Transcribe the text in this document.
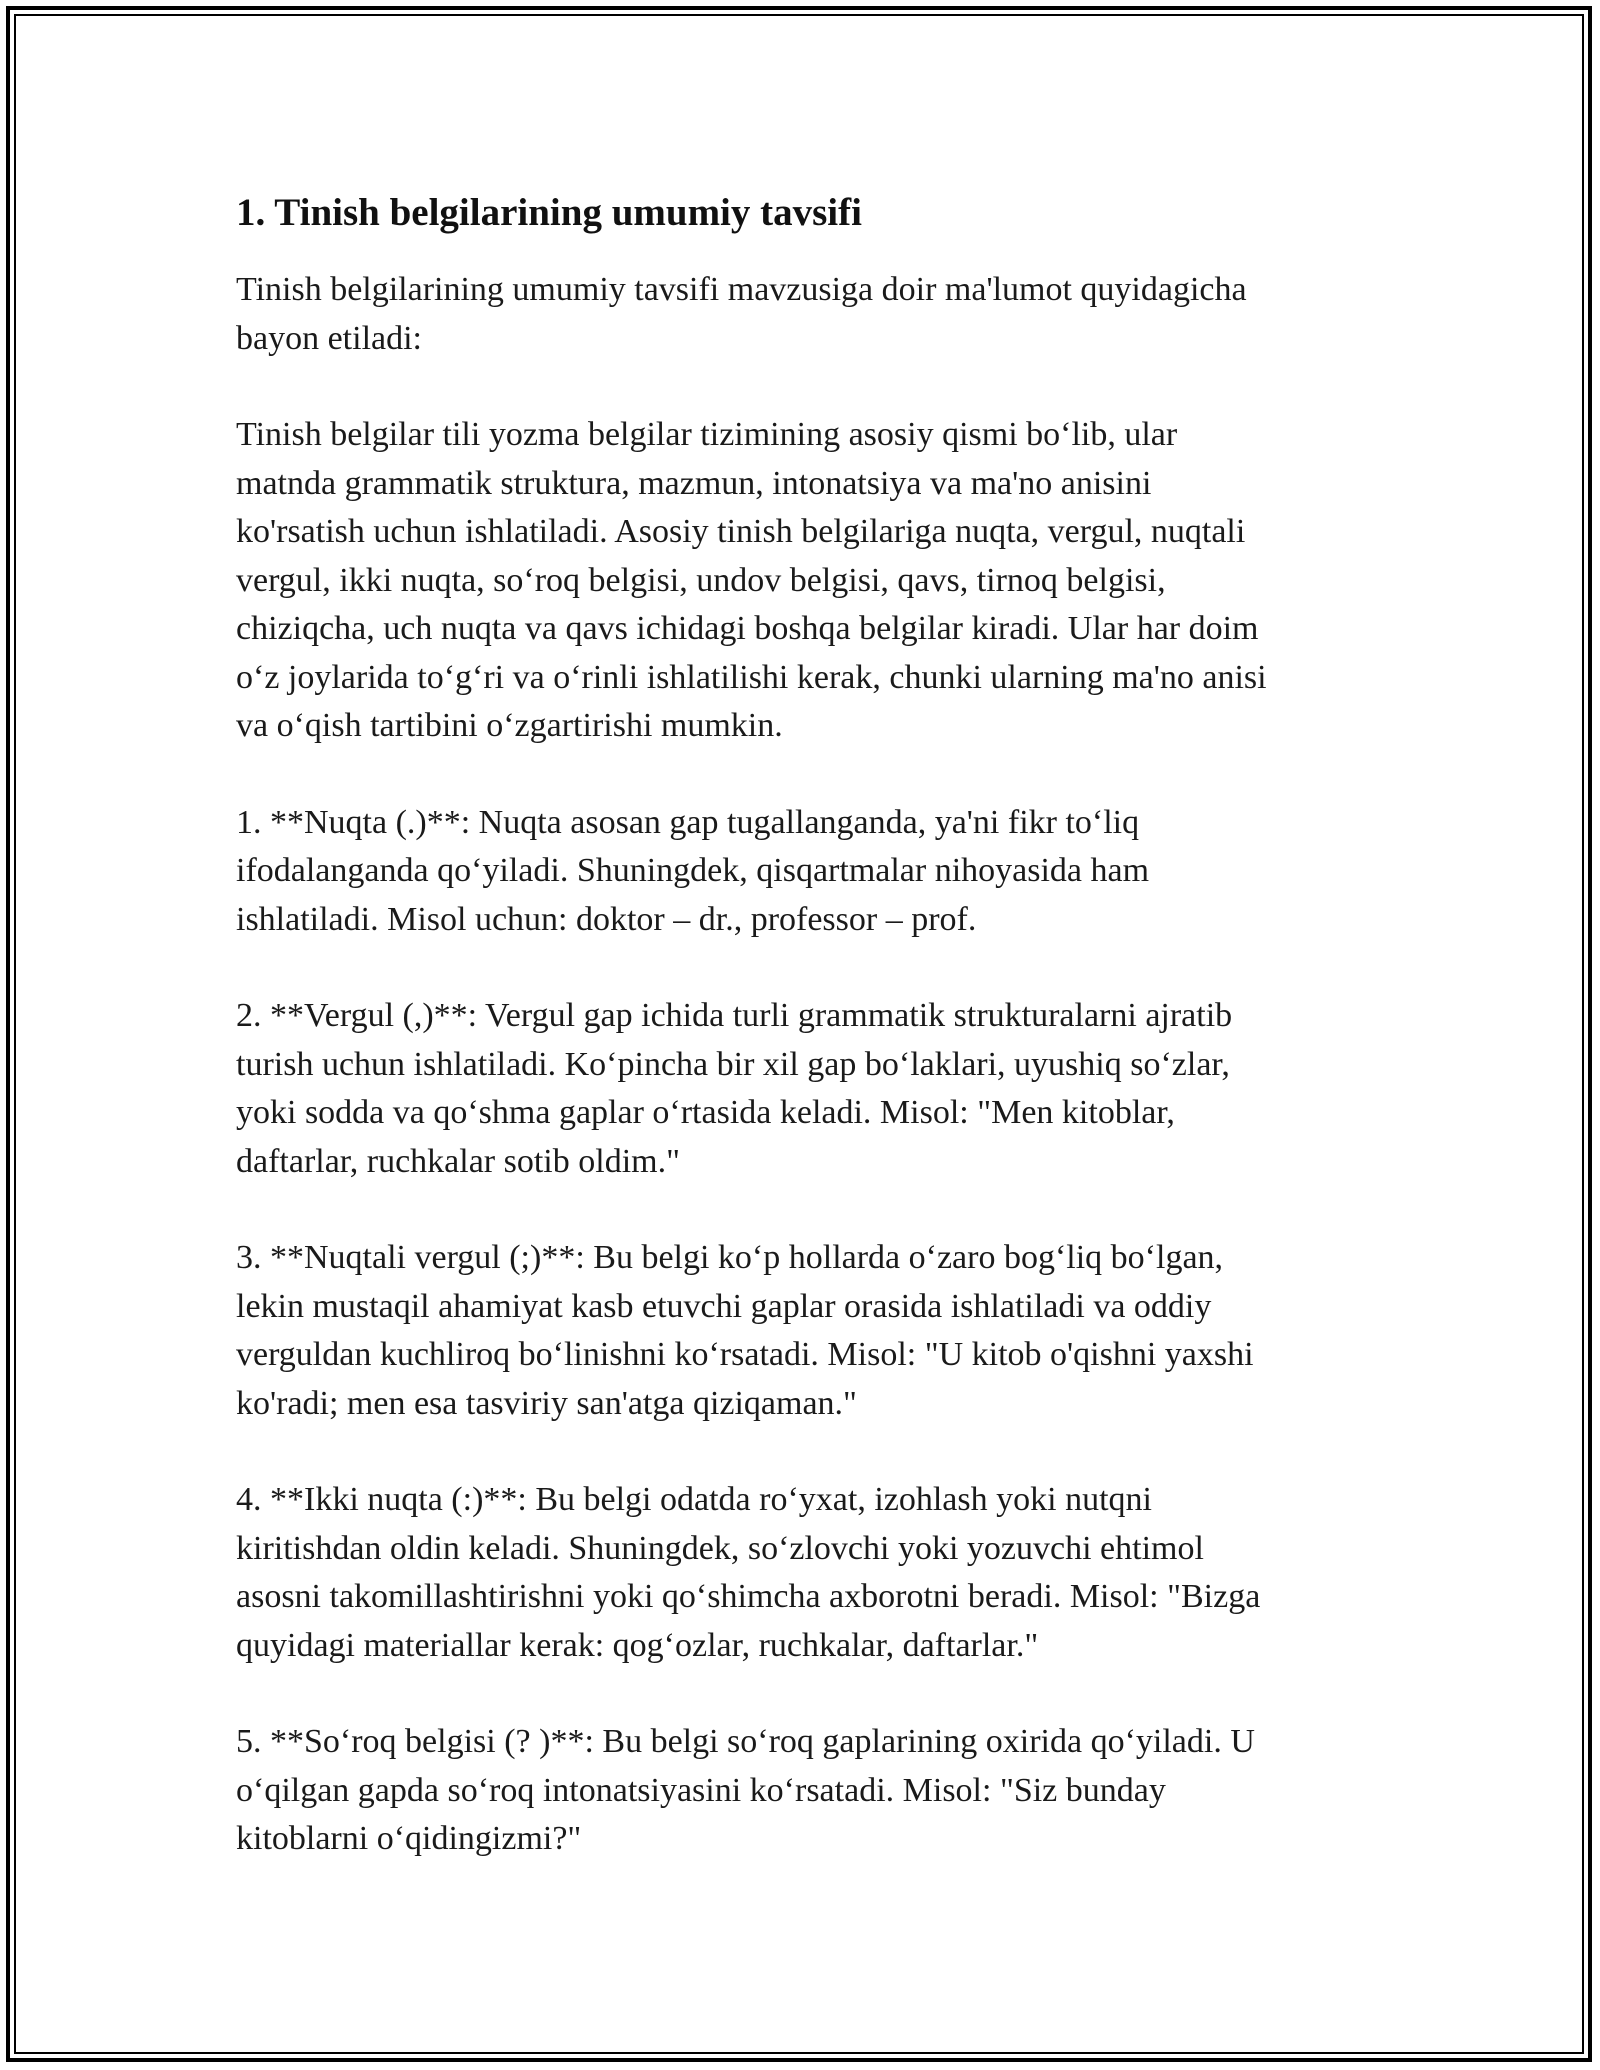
1. Tinish belgilarining umumiy tavsifi

Tinish belgilarining umumiy tavsifi mavzusiga doir ma'lumot quyidagicha
bayon etiladi:

Tinish belgilar tili yozma belgilar tizimining asosiy qismi bo‘lib, ular
matnda grammatik struktura, mazmun, intonatsiya va ma'no anisini
ko'rsatish uchun ishlatiladi. Asosiy tinish belgilariga nuqta, vergul, nuqtali
vergul, ikki nuqta, so‘roq belgisi, undov belgisi, qavs, tirnoq belgisi,
chiziqcha, uch nuqta va qavs ichidagi boshqa belgilar kiradi. Ular har doim
o‘z joylarida to‘g‘ri va o‘rinli ishlatilishi kerak, chunki ularning ma'no anisi
va o‘qish tartibini o‘zgartirishi mumkin.

1. **Nuqta (.)**: Nuqta asosan gap tugallanganda, ya'ni fikr to‘liq
ifodalanganda qo‘yiladi. Shuningdek, qisqartmalar nihoyasida ham
ishlatiladi. Misol uchun: doktor – dr., professor – prof.

2. **Vergul (,)**: Vergul gap ichida turli grammatik strukturalarni ajratib
turish uchun ishlatiladi. Ko‘pincha bir xil gap bo‘laklari, uyushiq so‘zlar,
yoki sodda va qo‘shma gaplar o‘rtasida keladi. Misol: "Men kitoblar,
daftarlar, ruchkalar sotib oldim."

3. **Nuqtali vergul (;)**: Bu belgi ko‘p hollarda o‘zaro bog‘liq bo‘lgan,
lekin mustaqil ahamiyat kasb etuvchi gaplar orasida ishlatiladi va oddiy
verguldan kuchliroq bo‘linishni ko‘rsatadi. Misol: "U kitob o'qishni yaxshi
ko'radi; men esa tasviriy san'atga qiziqaman."

4. **Ikki nuqta (:)**: Bu belgi odatda ro‘yxat, izohlash yoki nutqni
kiritishdan oldin keladi. Shuningdek, so‘zlovchi yoki yozuvchi ehtimol
asosni takomillashtirishni yoki qo‘shimcha axborotni beradi. Misol: "Bizga
quyidagi materiallar kerak: qog‘ozlar, ruchkalar, daftarlar."

5. **So‘roq belgisi (? )**: Bu belgi so‘roq gaplarining oxirida qo‘yiladi. U
o‘qilgan gapda so‘roq intonatsiyasini ko‘rsatadi. Misol: "Siz bunday
kitoblarni o‘qidingizmi?"
